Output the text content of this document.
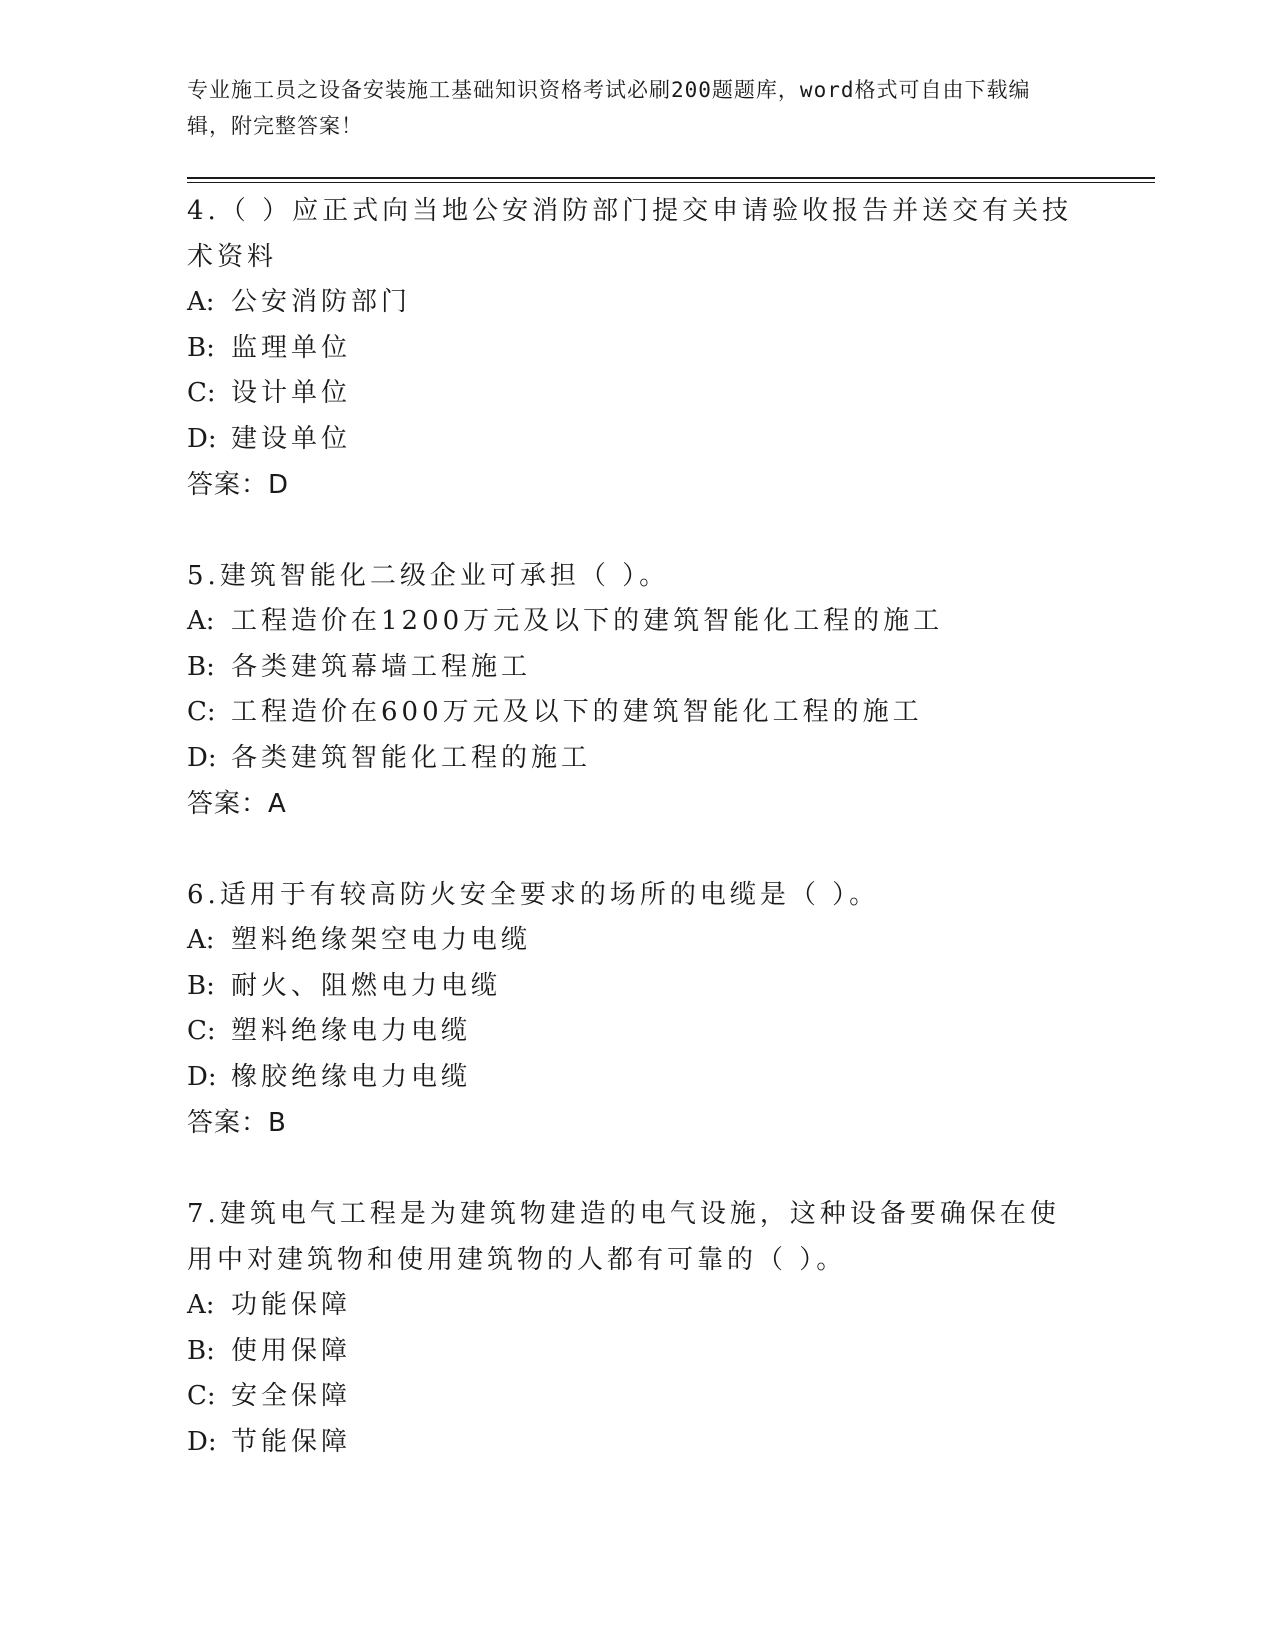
专业施工员之设备安装施工基础知识资格考试必刷200题题库，word格式可自由下载编辑，附完整答案！
4.（ ）应正式向当地公安消防部门提交申请验收报告并送交有关技术资料
A: 公安消防部门
B: 监理单位
C: 设计单位
D: 建设单位
答案：D
5.建筑智能化二级企业可承担（ ）。
A: 工程造价在1200万元及以下的建筑智能化工程的施工
B: 各类建筑幕墙工程施工
C: 工程造价在600万元及以下的建筑智能化工程的施工
D: 各类建筑智能化工程的施工
答案：A
6.适用于有较高防火安全要求的场所的电缆是（ ）。
A: 塑料绝缘架空电力电缆
B: 耐火、阻燃电力电缆
C: 塑料绝缘电力电缆
D: 橡胶绝缘电力电缆
答案：B
7.建筑电气工程是为建筑物建造的电气设施，这种设备要确保在使用中对建筑物和使用建筑物的人都有可靠的（ ）。
A: 功能保障
B: 使用保障
C: 安全保障
D: 节能保障
